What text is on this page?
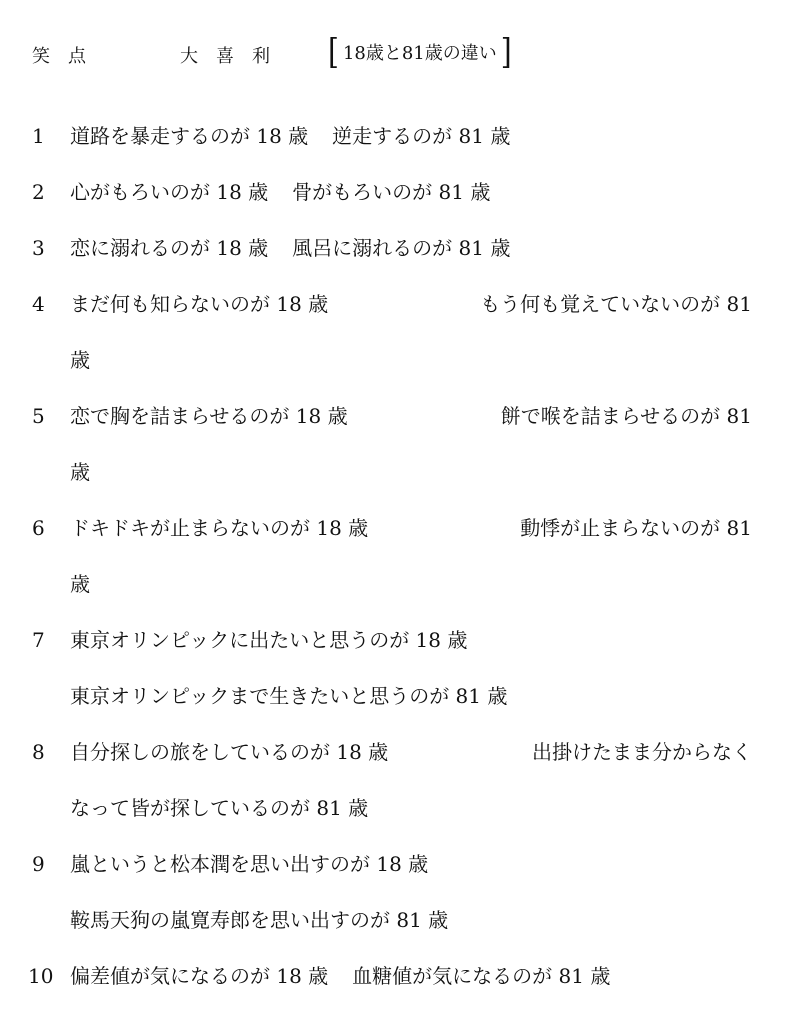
笑点	大喜利 [ 18歳と81歳の違い ]
1	道路を暴走するのが 18 歳 逆走するのが 81 歳
2	心がもろいのが 18 歳 骨がもろいのが 81 歳
3	恋に溺れるのが 18 歳 風呂に溺れるのが 81 歳
4	まだ何も知らないのが 18 歳	もう何も覚えていないのが 81
歳
5	恋で胸を詰まらせるのが 18 歳	餅で喉を詰まらせるのが 81
歳
6	ドキドキが止まらないのが 18 歳	動悸が止まらないのが 81
歳
7	東京オリンピックに出たいと思うのが 18 歳
東京オリンピックまで生きたいと思うのが 81 歳
8	自分探しの旅をしているのが 18 歳	出掛けたまま分からなく
なって皆が探しているのが 81 歳
9	嵐というと松本潤を思い出すのが 18 歳
鞍馬天狗の嵐寛寿郎を思い出すのが 81 歳
10 偏差値が気になるのが 18 歳 血糖値が気になるのが 81 歳
